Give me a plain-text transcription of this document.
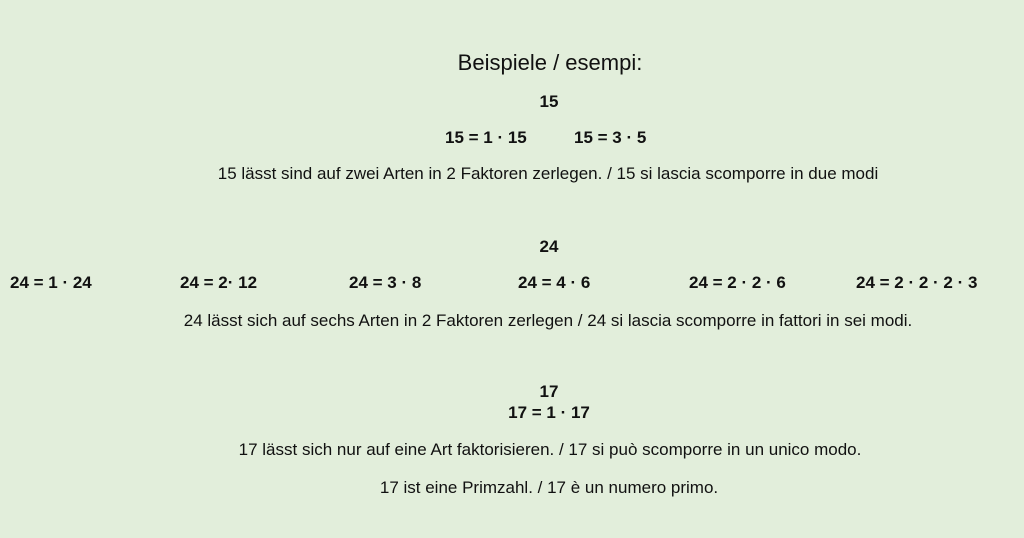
Beispiele / esempi:
15
15 = 1 · 15	15 = 3 · 5
15 lässt sind auf zwei Arten in 2 Faktoren zerlegen. / 15 si lascia scomporre in due modi
24
24 = 1 · 24	24 = 2· 12	24 = 3 · 8	24 = 4 · 6	24 = 2 · 2 · 6	24 = 2 · 2 · 2 · 3
24 lässt sich auf sechs Arten in 2 Faktoren zerlegen / 24 si lascia scomporre in fattori in sei modi.
17
17 = 1 · 17
17 lässt sich nur auf eine Art faktorisieren. / 17 si può scomporre in un unico modo.
17 ist eine Primzahl. / 17 è un numero primo.
